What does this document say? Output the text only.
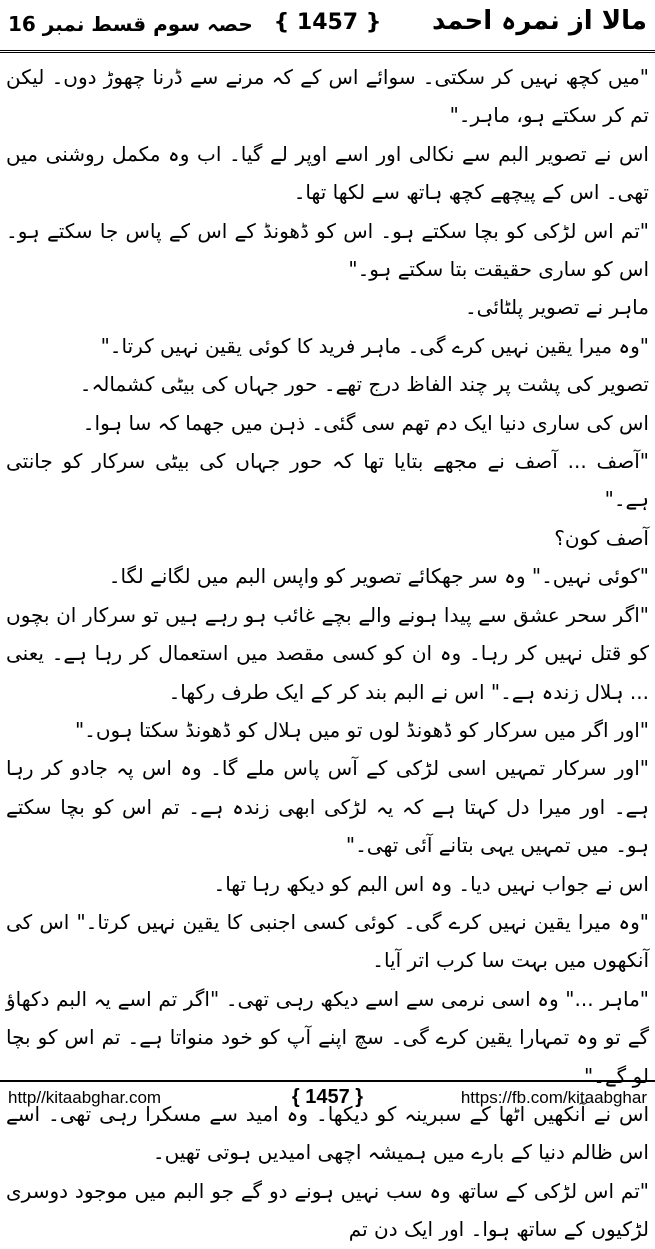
حصہ سوم قسط نمبر 16 { 1457 }	مالا از نمرہ احمد

"میں کچھ نہیں کر سکتی۔ سوائے اس کے کہ مرنے سے ڈرنا چھوڑ دوں۔ لیکن تم کر سکتے ہو، ماہر۔"

اس نے تصویر البم سے نکالی اور اسے اوپر لے گیا۔ اب وہ مکمل روشنی میں تھی۔ اس کے پیچھے کچھ ہاتھ سے لکھا تھا۔

"تم اس لڑکی کو بچا سکتے ہو۔ اس کو ڈھونڈ کے اس کے پاس جا سکتے ہو۔ اس کو ساری حقیقت بتا سکتے ہو۔"

ماہر نے تصویر پلٹائی۔

"وہ میرا یقین نہیں کرے گی۔ ماہر فرید کا کوئی یقین نہیں کرتا۔"

تصویر کی پشت پر چند الفاظ درج تھے۔ حور جہاں کی بیٹی کشمالہ۔

اس کی ساری دنیا ایک دم تھم سی گئی۔ ذہن میں جھما کہ سا ہوا۔

"آصف ... آصف نے مجھے بتایا تھا کہ حور جہاں کی بیٹی سرکار کو جانتی ہے۔"

آصف کون؟

"کوئی نہیں۔" وہ سر جھکائے تصویر کو واپس البم میں لگانے لگا۔

"اگر سحر عشق سے پیدا ہونے والے بچے غائب ہو رہے ہیں تو سرکار ان بچوں کو قتل نہیں کر رہا۔ وہ ان کو کسی مقصد میں استعمال کر رہا ہے۔ یعنی ... ہلال زندہ ہے۔" اس نے البم بند کر کے ایک طرف رکھا۔

"اور اگر میں سرکار کو ڈھونڈ لوں تو میں ہلال کو ڈھونڈ سکتا ہوں۔"

"اور سرکار تمہیں اسی لڑکی کے آس پاس ملے گا۔ وہ اس پہ جادو کر رہا ہے۔ اور میرا دل کہتا ہے کہ یہ لڑکی ابھی زندہ ہے۔ تم اس کو بچا سکتے ہو۔ میں تمہیں یہی بتانے آئی تھی۔"

اس نے جواب نہیں دیا۔ وہ اس البم کو دیکھ رہا تھا۔

"وہ میرا یقین نہیں کرے گی۔ کوئی کسی اجنبی کا یقین نہیں کرتا۔" اس کی آنکھوں میں بہت سا کرب اتر آیا۔

"ماہر ..." وہ اسی نرمی سے اسے دیکھ رہی تھی۔ "اگر تم اسے یہ البم دکھاؤ گے تو وہ تمہارا یقین کرے گی۔ سچ اپنے آپ کو خود منواتا ہے۔ تم اس کو بچا لو گے۔"

اس نے آنکھیں اٹھا کے سبرینہ کو دیکھا۔ وہ امید سے مسکرا رہی تھی۔ اسے اس ظالم دنیا کے بارے میں ہمیشہ اچھی امیدیں ہوتی تھیں۔

"تم اس لڑکی کے ساتھ وہ سب نہیں ہونے دو گے جو البم میں موجود دوسری لڑکیوں کے ساتھ ہوا۔ اور ایک دن تم

http//kitaabghar.com	{ 1457 }	https://fb.com/kitaabghar
